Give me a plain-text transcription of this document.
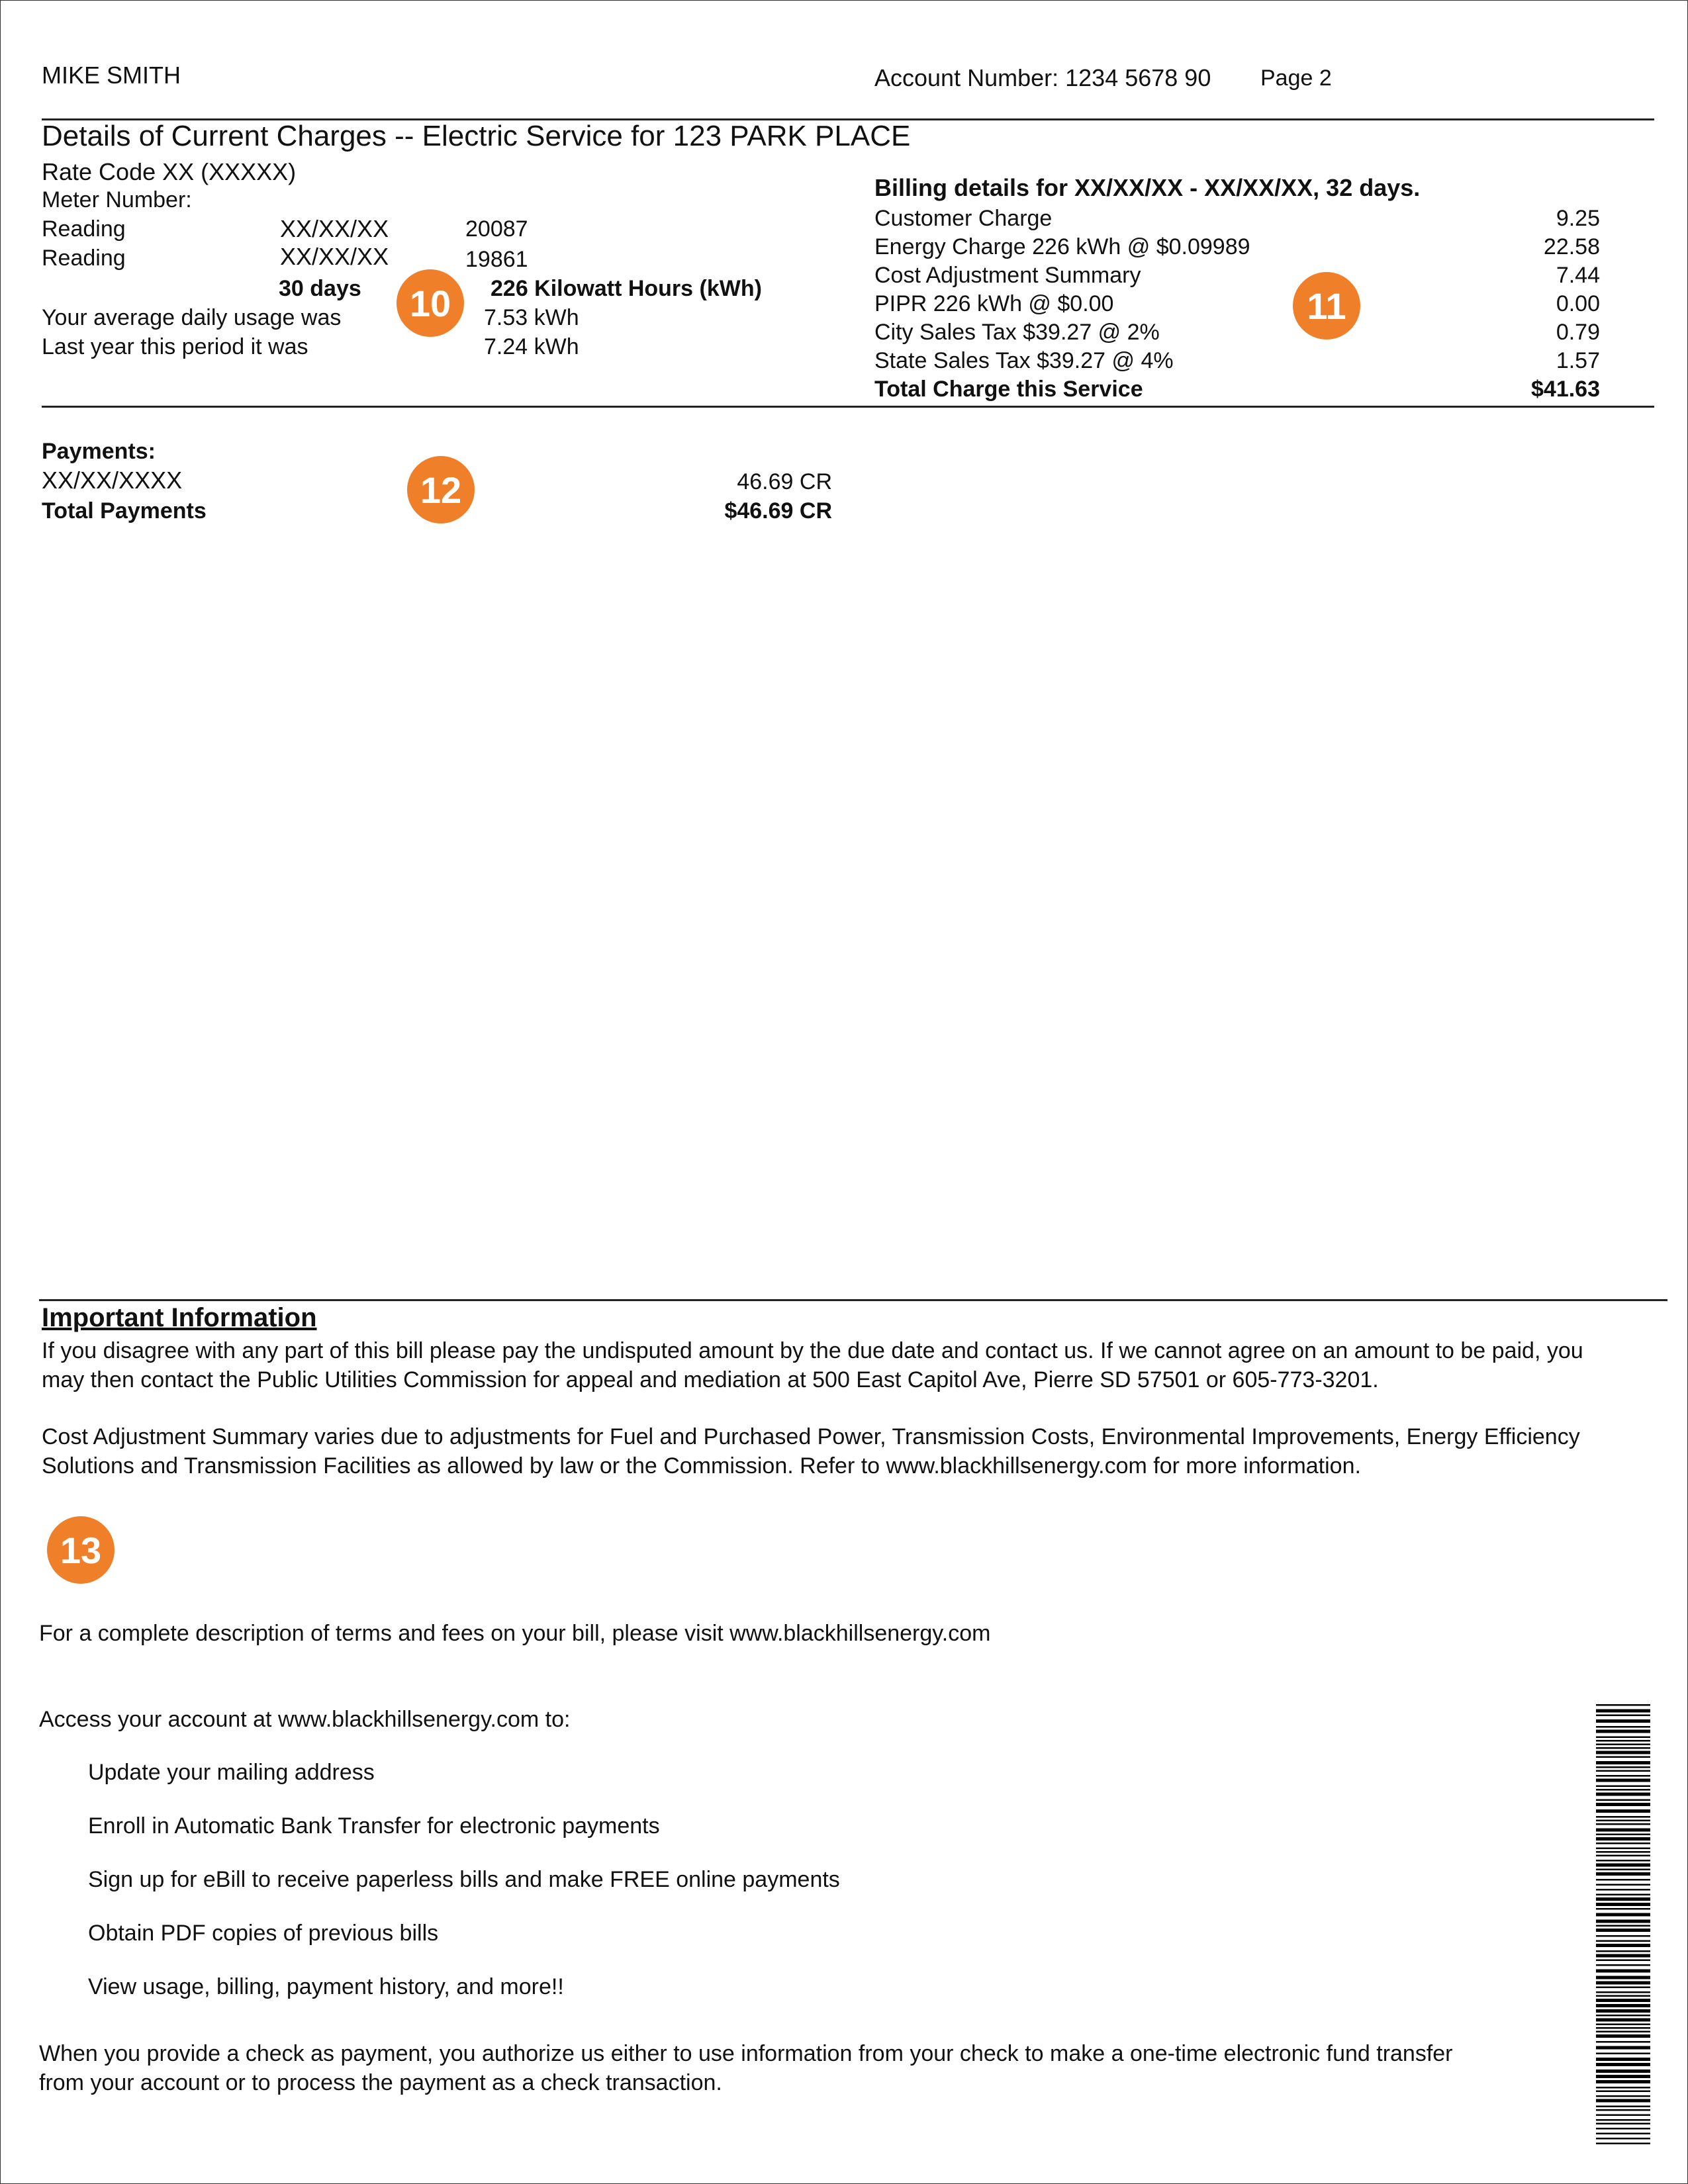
MIKE SMITH	Account Number: 1234 5678 90 Page 2
Details of Current Charges -- Electric Service for 123 PARK PLACE
Rate Code XX (XXXXX)
Meter Number:
Reading	XX/XX/XX	20087
Reading	XX/XX/XX	19861
30 days	226 Kilowatt Hours (kWh)
Your average daily usage was	7.53 kWh
Last year this period it was	7.24 kWh
10
Billing details for XX/XX/XX - XX/XX/XX, 32 days.
Customer Charge	9.25
Energy Charge 226 kWh @ $0.09989	22.58
Cost Adjustment Summary	7.44
PIPR 226 kWh @ $0.00	0.00
City Sales Tax $39.27 @ 2%	0.79
State Sales Tax $39.27 @ 4%	1.57
Total Charge this Service	$41.63
11
Payments:
XX/XX/XXXX	46.69 CR
Total Payments	$46.69 CR
12
Important Information
If you disagree with any part of this bill please pay the undisputed amount by the due date and contact us. If we cannot agree on an amount to be paid, you may then contact the Public Utilities Commission for appeal and mediation at 500 East Capitol Ave, Pierre SD 57501 or 605-773-3201.
Cost Adjustment Summary varies due to adjustments for Fuel and Purchased Power, Transmission Costs, Environmental Improvements, Energy Efficiency Solutions and Transmission Facilities as allowed by law or the Commission. Refer to www.blackhillsenergy.com for more information.
13
For a complete description of terms and fees on your bill, please visit www.blackhillsenergy.com
Access your account at www.blackhillsenergy.com to:
Update your mailing address
Enroll in Automatic Bank Transfer for electronic payments
Sign up for eBill to receive paperless bills and make FREE online payments
Obtain PDF copies of previous bills
View usage, billing, payment history, and more!!
When you provide a check as payment, you authorize us either to use information from your check to make a one-time electronic fund transfer from your account or to process the payment as a check transaction.
